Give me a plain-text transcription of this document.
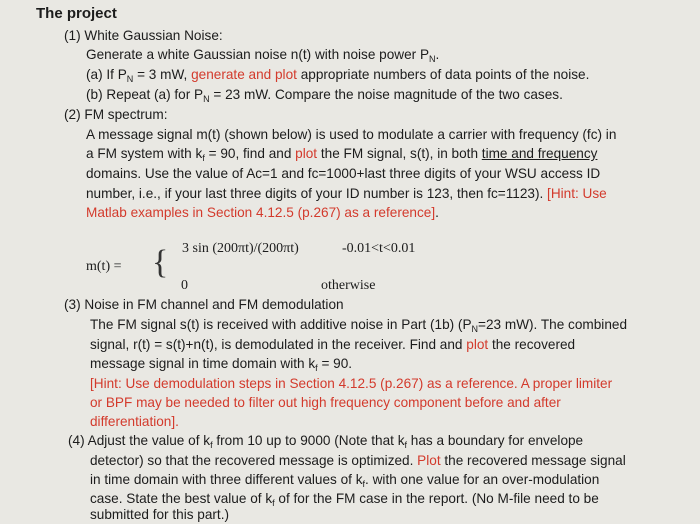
The project
(1) White Gaussian Noise:
Generate a white Gaussian noise n(t) with noise power $P_N$.
(a) If $P_N = 3$ mW, generate and plot appropriate numbers of data points of the noise.
(b) Repeat (a) for $P_N = 23$ mW. Compare the noise magnitude of the two cases.
(2) FM spectrum:
A message signal m(t) (shown below) is used to modulate a carrier with frequency (fc) in
a FM system with $k_f = 90$, find and plot the FM signal, s(t), in both time and frequency
domains. Use the value of Ac=1 and fc=1000+last three digits of your WSU access ID
number, i.e., if your last three digits of your ID number is 123, then fc=1123). [Hint: Use
Matlab examples in Section 4.12.5 (p.267) as a reference].
m(t) = { 3 sin (200πt)/(200πt)	-0.01<t<0.01
0	otherwise
(3) Noise in FM channel and FM demodulation
The FM signal s(t) is received with additive noise in Part (1b) ($P_N=23$ mW). The combined
signal, r(t) = s(t)+n(t), is demodulated in the receiver. Find and plot the recovered
message signal in time domain with $k_f = 90$.
[Hint: Use demodulation steps in Section 4.12.5 (p.267) as a reference. A proper limiter
or BPF may be needed to filter out high frequency component before and after
differentiation].
(4) Adjust the value of $k_f$ from 10 up to 9000 (Note that $k_f$ has a boundary for envelope
detector) so that the recovered message is optimized. Plot the recovered message signal
in time domain with three different values of $k_f$. with one value for an over-modulation
case. State the best value of $k_f$ of for the FM case in the report. (No M-file need to be
submitted for this part.)
